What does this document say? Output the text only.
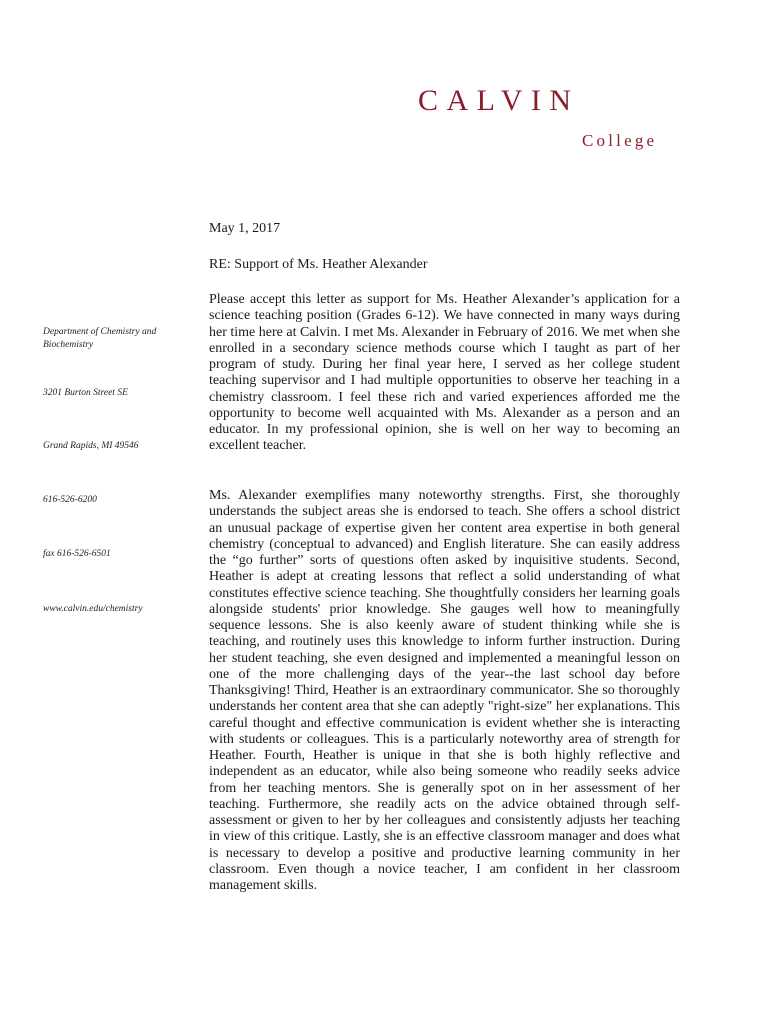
CALVIN
College
Department of Chemistry and Biochemistry
3201 Burton Street SE
Grand Rapids, MI 49546
616-526-6200
fax 616-526-6501
www.calvin.edu/chemistry
May 1, 2017
RE: Support of Ms. Heather Alexander

Please accept this letter as support for Ms. Heather Alexander’s application for a science teaching position (Grades 6-12). We have connected in many ways during her time here at Calvin. I met Ms. Alexander in February of 2016. We met when she enrolled in a secondary science methods course which I taught as part of her program of study. During her final year here, I served as her college student teaching supervisor and I had multiple opportunities to observe her teaching in a chemistry classroom. I feel these rich and varied experiences afforded me the opportunity to become well acquainted with Ms. Alexander as a person and an educator. In my professional opinion, she is well on her way to becoming an excellent teacher.

Ms. Alexander exemplifies many noteworthy strengths. First, she thoroughly understands the subject areas she is endorsed to teach. She offers a school district an unusual package of expertise given her content area expertise in both general chemistry (conceptual to advanced) and English literature. She can easily address the “go further” sorts of questions often asked by inquisitive students. Second, Heather is adept at creating lessons that reflect a solid understanding of what constitutes effective science teaching. She thoughtfully considers her learning goals alongside students' prior knowledge. She gauges well how to meaningfully sequence lessons. She is also keenly aware of student thinking while she is teaching, and routinely uses this knowledge to inform further instruction. During her student teaching, she even designed and implemented a meaningful lesson on one of the more challenging days of the year--the last school day before Thanksgiving! Third, Heather is an extraordinary communicator. She so thoroughly understands her content area that she can adeptly "right-size" her explanations. This careful thought and effective communication is evident whether she is interacting with students or colleagues. This is a particularly noteworthy area of strength for Heather. Fourth, Heather is unique in that she is both highly reflective and independent as an educator, while also being someone who readily seeks advice from her teaching mentors. She is generally spot on in her assessment of her teaching. Furthermore, she readily acts on the advice obtained through self-assessment or given to her by her colleagues and consistently adjusts her teaching in view of this critique. Lastly, she is an effective classroom manager and does what is necessary to develop a positive and productive learning community in her classroom. Even though a novice teacher, I am confident in her classroom management skills.
